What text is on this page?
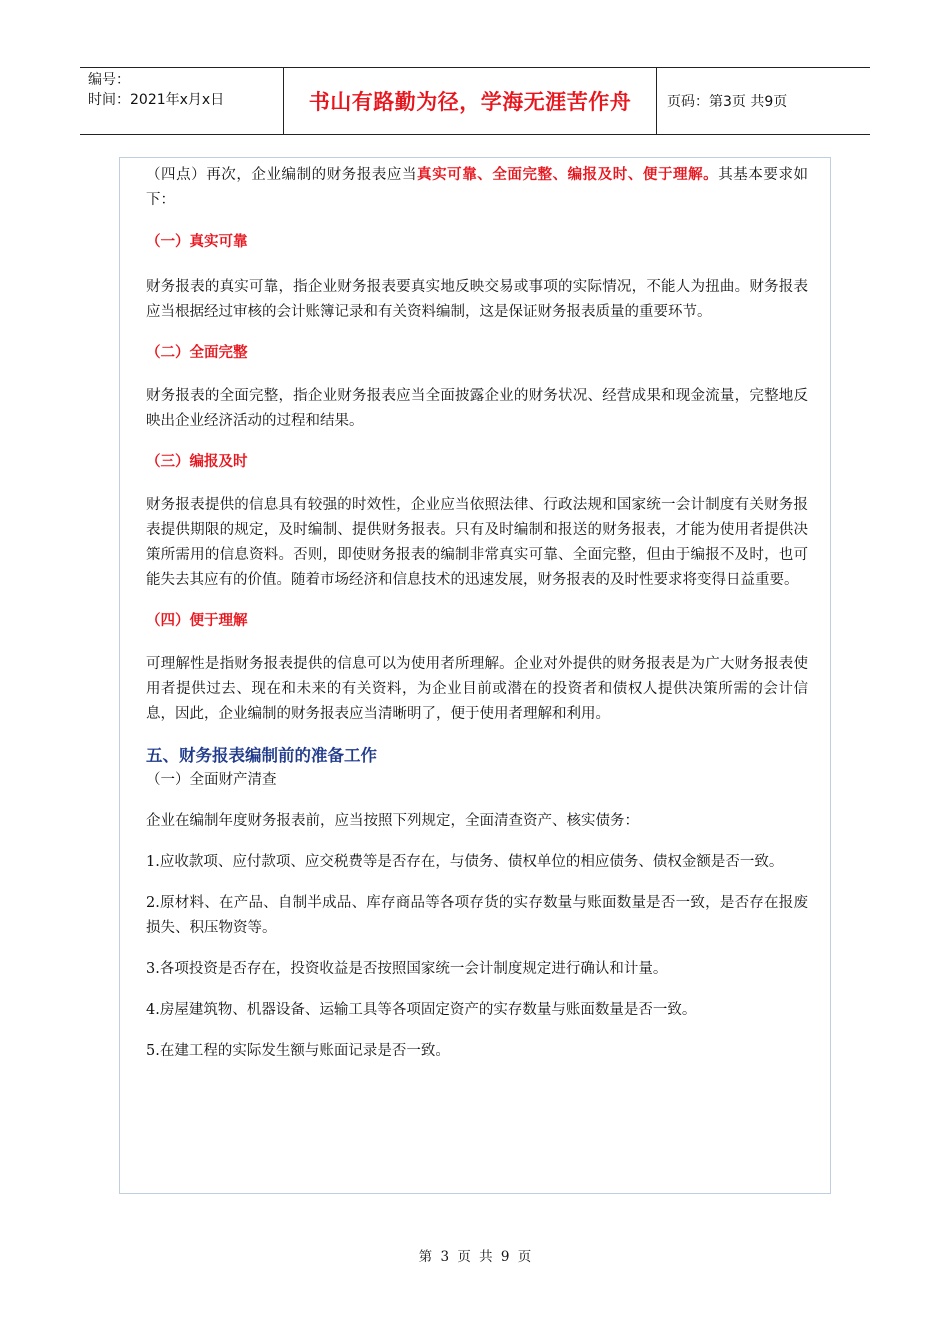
编号：
时间：2021年x月x日	书山有路勤为径，学海无涯苦作舟	页码：第3页 共9页

（四点）再次，企业编制的财务报表应当真实可靠、全面完整、编报及时、便于理解。其基本要求如下：

（一）真实可靠

财务报表的真实可靠，指企业财务报表要真实地反映交易或事项的实际情况，不能人为扭曲。财务报表应当根据经过审核的会计账簿记录和有关资料编制，这是保证财务报表质量的重要环节。

（二）全面完整

财务报表的全面完整，指企业财务报表应当全面披露企业的财务状况、经营成果和现金流量，完整地反映出企业经济活动的过程和结果。

（三）编报及时

财务报表提供的信息具有较强的时效性，企业应当依照法律、行政法规和国家统一会计制度有关财务报表提供期限的规定，及时编制、提供财务报表。只有及时编制和报送的财务报表，才能为使用者提供决策所需用的信息资料。否则，即使财务报表的编制非常真实可靠、全面完整，但由于编报不及时，也可能失去其应有的价值。随着市场经济和信息技术的迅速发展，财务报表的及时性要求将变得日益重要。

（四）便于理解

可理解性是指财务报表提供的信息可以为使用者所理解。企业对外提供的财务报表是为广大财务报表使用者提供过去、现在和未来的有关资料，为企业目前或潜在的投资者和债权人提供决策所需的会计信息，因此，企业编制的财务报表应当清晰明了，便于使用者理解和利用。

五、财务报表编制前的准备工作

（一）全面财产清查

企业在编制年度财务报表前，应当按照下列规定，全面清查资产、核实债务：

1.应收款项、应付款项、应交税费等是否存在，与债务、债权单位的相应债务、债权金额是否一致。

2.原材料、在产品、自制半成品、库存商品等各项存货的实存数量与账面数量是否一致，是否存在报废损失、积压物资等。

3.各项投资是否存在，投资收益是否按照国家统一会计制度规定进行确认和计量。

4.房屋建筑物、机器设备、运输工具等各项固定资产的实存数量与账面数量是否一致。

5.在建工程的实际发生额与账面记录是否一致。

第 3 页 共 9 页
